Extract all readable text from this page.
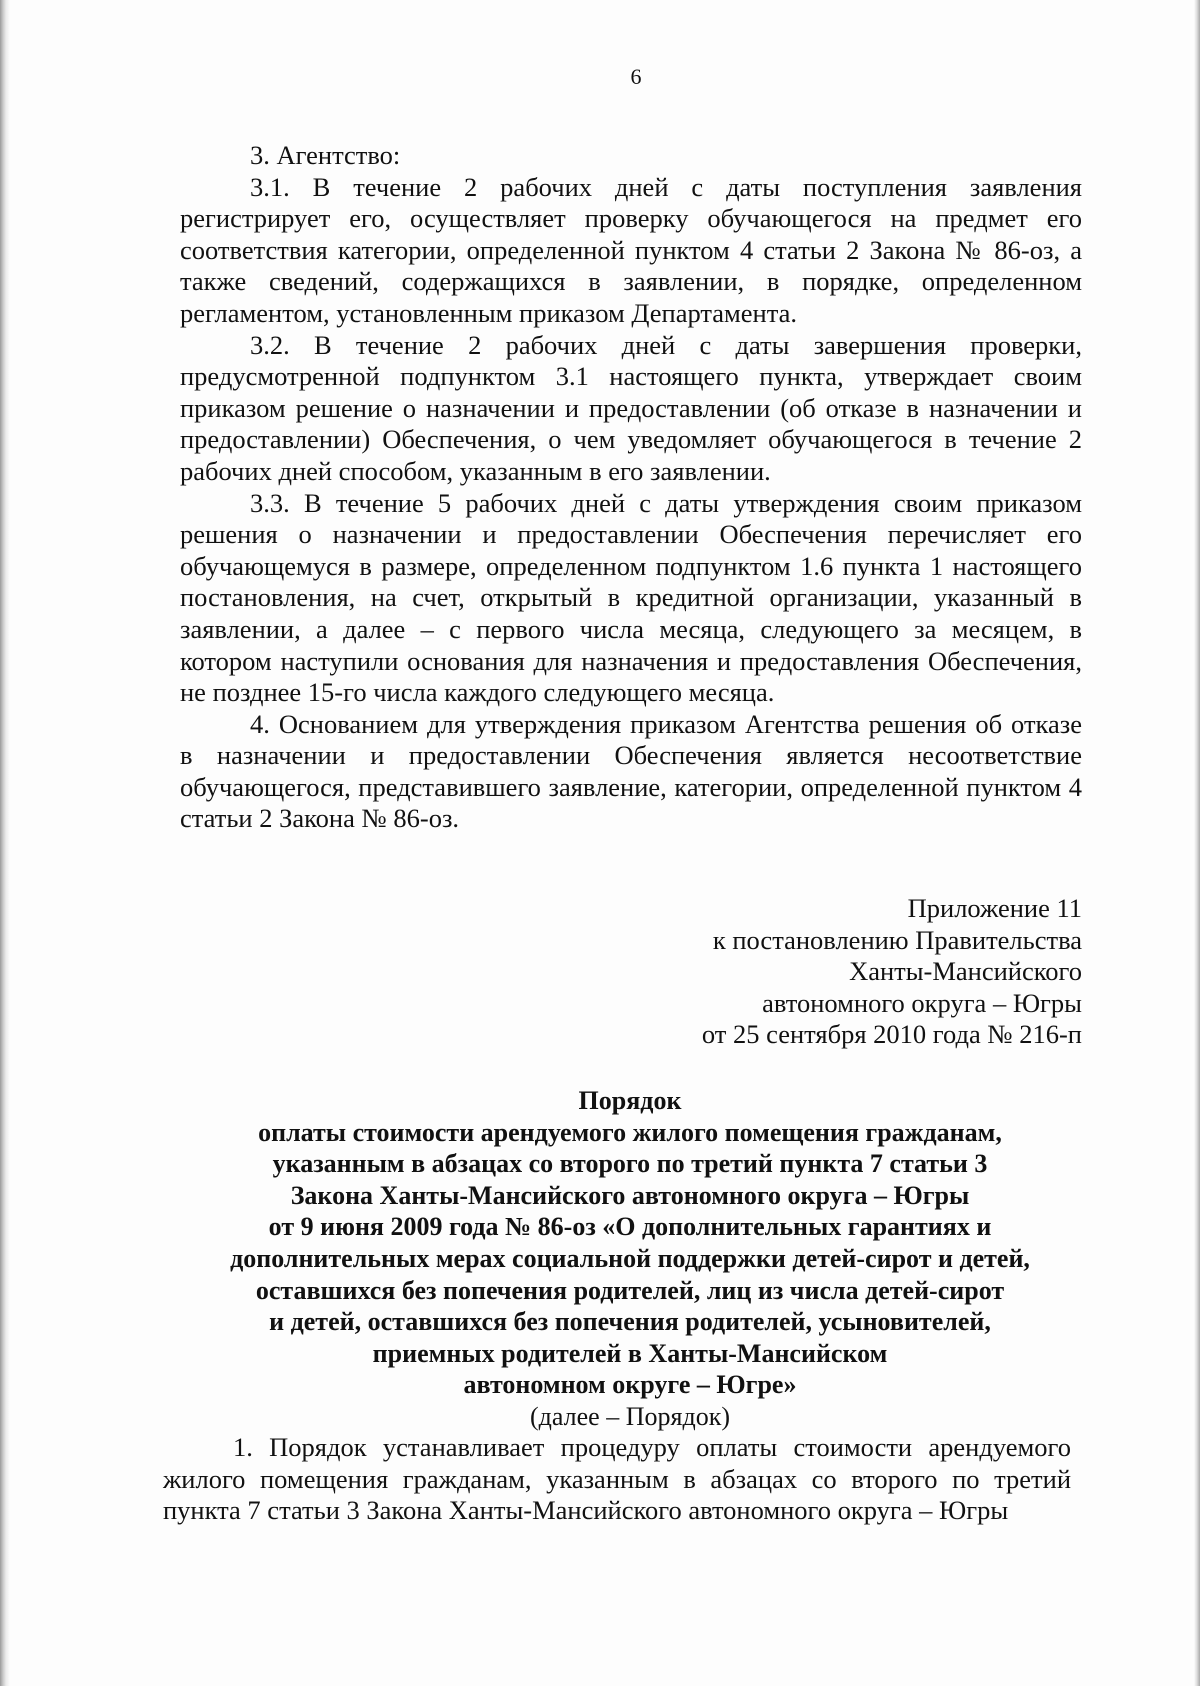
6

3. Агентство:

3.1. В течение 2 рабочих дней с даты поступления заявления регистрирует его, осуществляет проверку обучающегося на предмет его соответствия категории, определенной пунктом 4 статьи 2 Закона № 86-оз, а также сведений, содержащихся в заявлении, в порядке, определенном регламентом, установленным приказом Департамента.

3.2. В течение 2 рабочих дней с даты завершения проверки, предусмотренной подпунктом 3.1 настоящего пункта, утверждает своим приказом решение о назначении и предоставлении (об отказе в назначении и предоставлении) Обеспечения, о чем уведомляет обучающегося в течение 2 рабочих дней способом, указанным в его заявлении.

3.3. В течение 5 рабочих дней с даты утверждения своим приказом решения о назначении и предоставлении Обеспечения перечисляет его обучающемуся в размере, определенном подпунктом 1.6 пункта 1 настоящего постановления, на счет, открытый в кредитной организации, указанный в заявлении, а далее – с первого числа месяца, следующего за месяцем, в котором наступили основания для назначения и предоставления Обеспечения, не позднее 15-го числа каждого следующего месяца.

4. Основанием для утверждения приказом Агентства решения об отказе в назначении и предоставлении Обеспечения является несоответствие обучающегося, представившего заявление, категории, определенной пунктом 4 статьи 2 Закона № 86-оз.

Приложение 11
к постановлению Правительства
Ханты-Мансийского
автономного округа – Югры
от 25 сентября 2010 года № 216-п
Порядок
оплаты стоимости арендуемого жилого помещения гражданам,
указанным в абзацах со второго по третий пункта 7 статьи 3
Закона Ханты-Мансийского автономного округа – Югры
от 9 июня 2009 года № 86-оз «О дополнительных гарантиях и
дополнительных мерах социальной поддержки детей-сирот и детей,
оставшихся без попечения родителей, лиц из числа детей-сирот
и детей, оставшихся без попечения родителей, усыновителей,
приемных родителей в Ханты-Мансийском
автономном округе – Югре»
(далее – Порядок)

1. Порядок устанавливает процедуру оплаты стоимости арендуемого жилого помещения гражданам, указанным в абзацах со второго по третий пункта 7 статьи 3 Закона Ханты-Мансийского автономного округа – Югры
